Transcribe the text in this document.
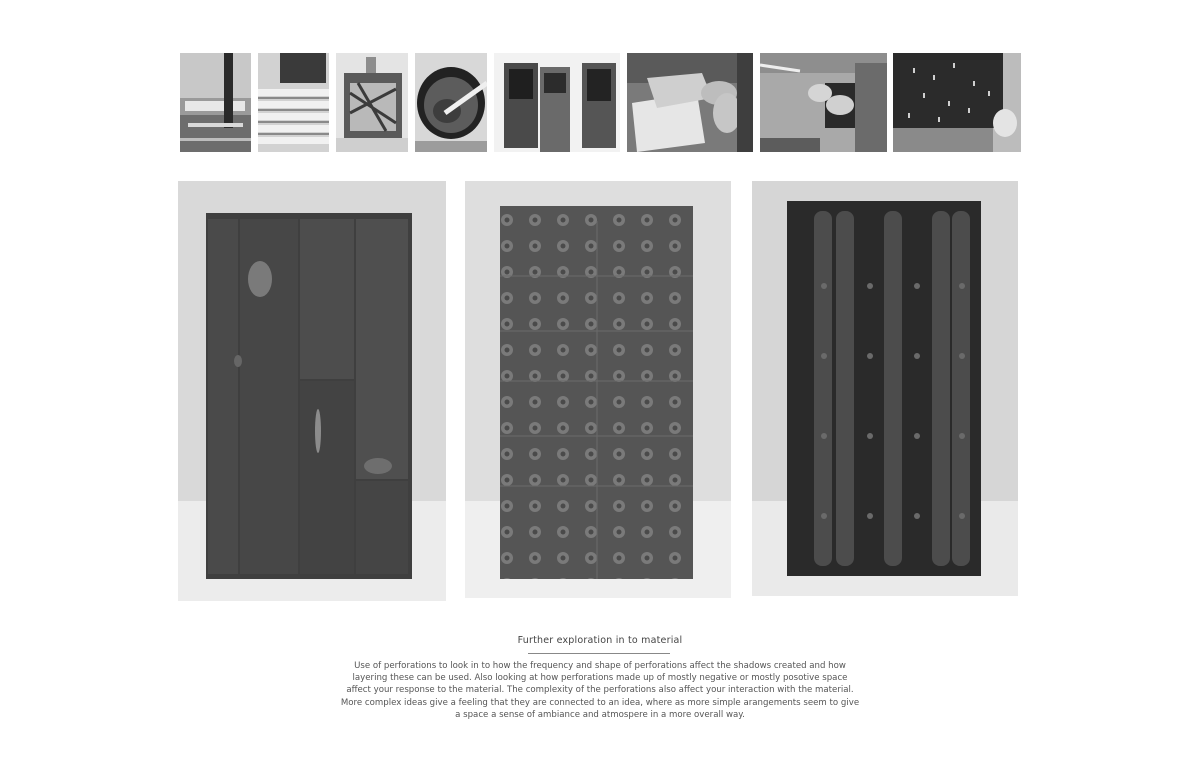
Further exploration in to material
Use of perforations to look in to how the frequency and shape of perforations affect the shadows created and how layering these can be used. Also looking at how perforations made up of mostly negative or mostly posotive space affect your response to the material. The complexity of the perforations also affect your interaction with the material. More complex ideas give a feeling that they are connected to an idea, where as more simple arangements seem to give a space a sense of ambiance and atmospere in a more overall way.
